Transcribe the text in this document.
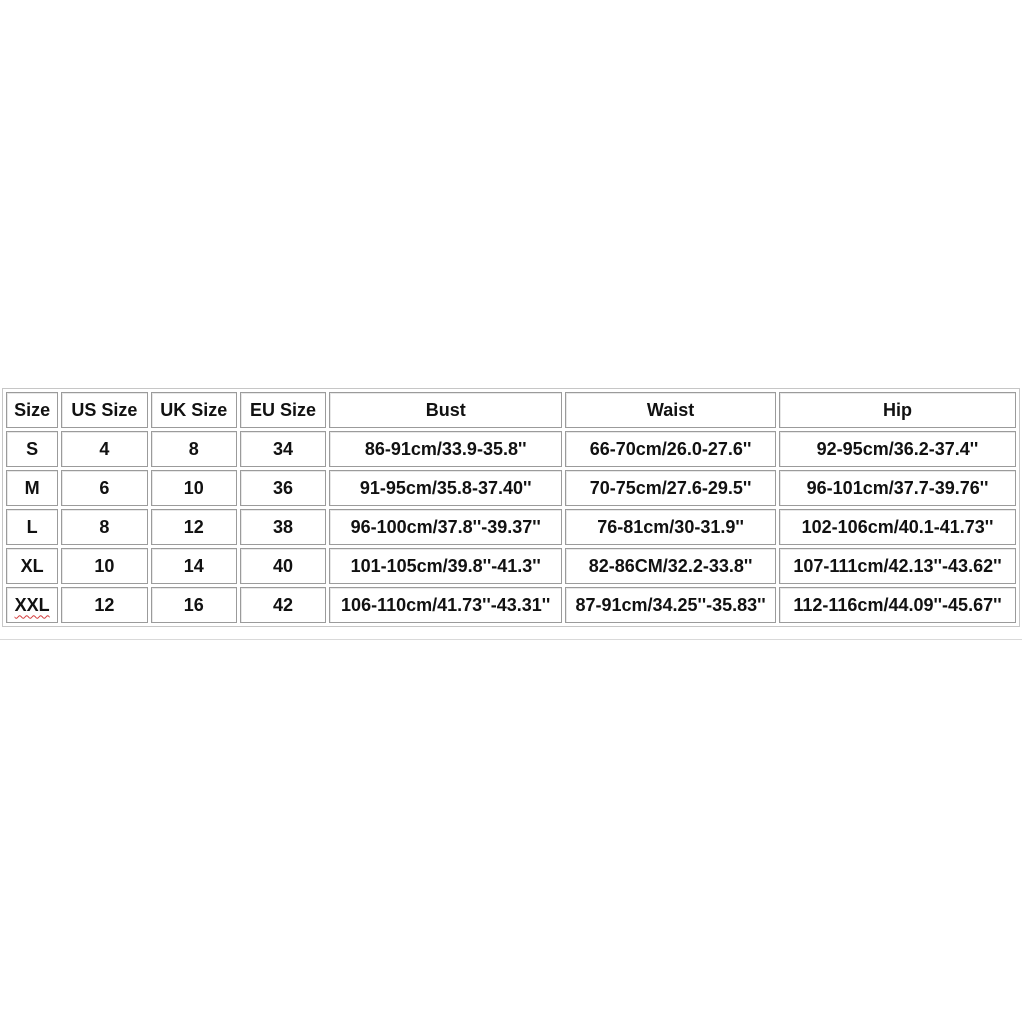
Size	US Size	UK Size	EU Size	Bust	Waist	Hip
S	4	8	34	86-91cm/33.9-35.8''	66-70cm/26.0-27.6''	92-95cm/36.2-37.4''
M	6	10	36	91-95cm/35.8-37.40''	70-75cm/27.6-29.5''	96-101cm/37.7-39.76''
L	8	12	38	96-100cm/37.8''-39.37''	76-81cm/30-31.9''	102-106cm/40.1-41.73''
XL	10	14	40	101-105cm/39.8''-41.3''	82-86CM/32.2-33.8''	107-111cm/42.13''-43.62''
XXL	12	16	42	106-110cm/41.73''-43.31''	87-91cm/34.25''-35.83''	112-116cm/44.09''-45.67''
